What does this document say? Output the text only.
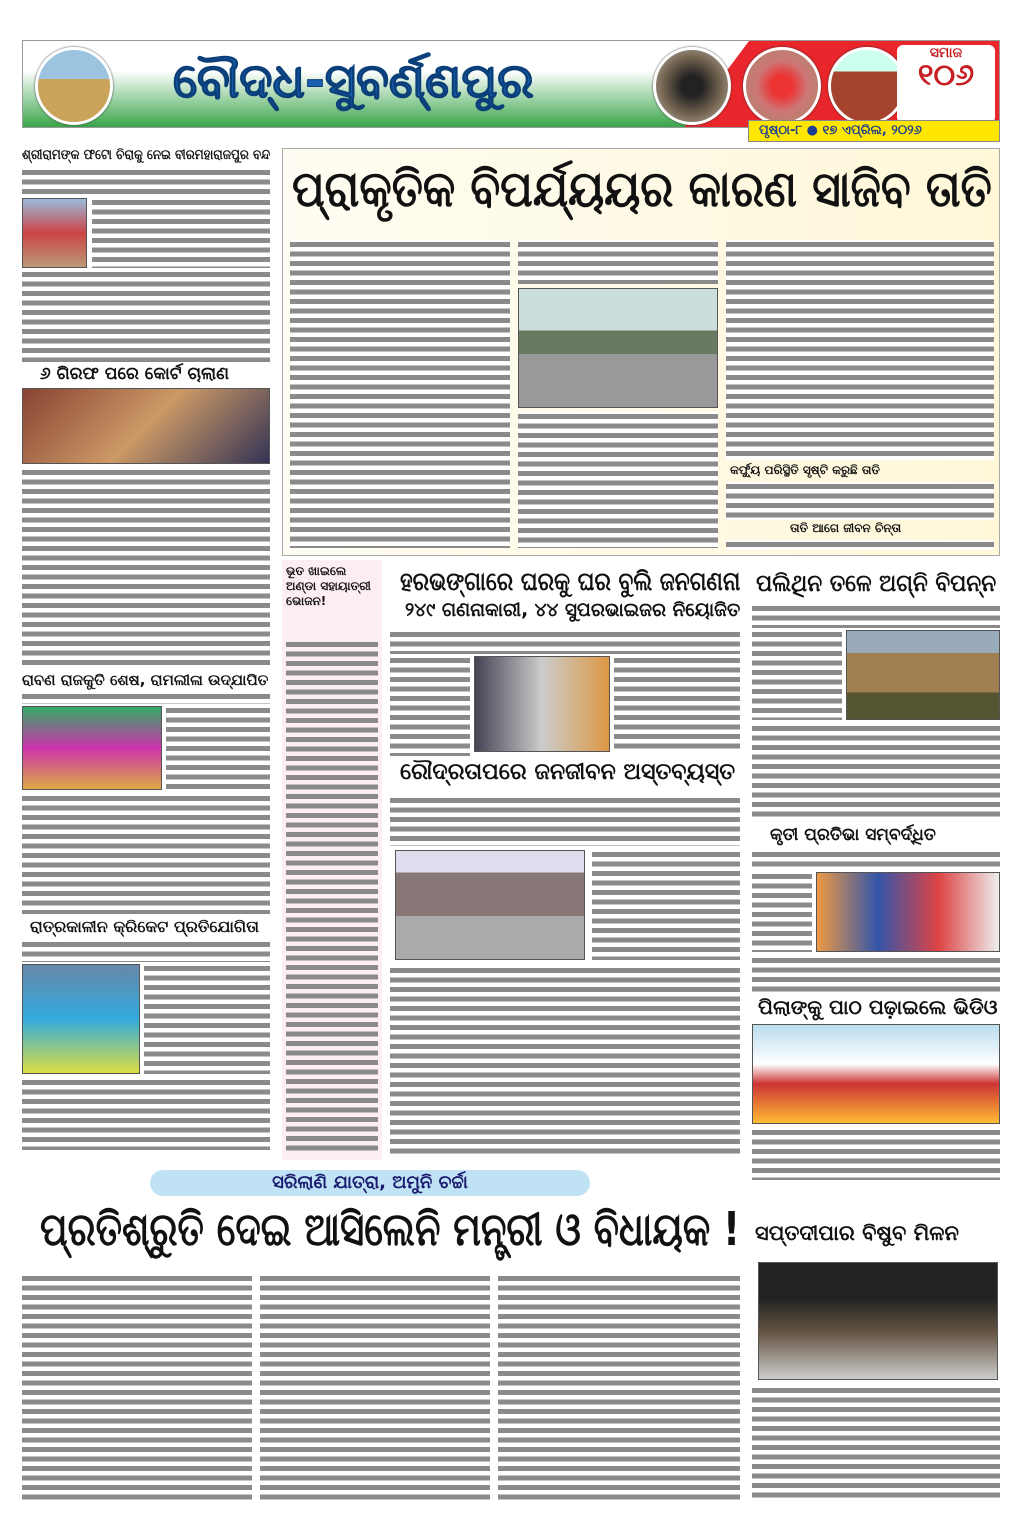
ବୌଦ୍ଧ-ସୁବର୍ଣ୍ଣପୁର	ସମାଜ
୧୦୬
ପୃଷ୍ଠା-୮ ● ୧୭ ଏପ୍ରିଲ, ୨୦୨୬
ଶ୍ରୀରାମଙ୍କ ଫଟୋ ଚିରାକୁ ନେଇ ବୀରମହାରାଜପୁର ବନ୍ଦ
୬ ଗିରଫ ପରେ କୋର୍ଟ ଚାଲାଣ
ରାବଣ ରାଜକୁତି ଶେଷ, ରାମଲୀଳା ଉଦ୍‌ଯାପିତ
ରାତ୍ରକାଳୀନ କ୍ରିକେଟ ପ୍ରତିଯୋଗିତା
ପ୍ରାକୃତିକ ବିପର୍ଯ୍ୟୟର କାରଣ ସାଜିବ ତାତି
କର୍ଫ୍ୟୁ ପରିସ୍ଥିତି ସୃଷ୍ଟି କରୁଛି ତାତି
ତାତି ଆଗେ ଜୀବନ ଚିନ୍ତା
ଭୂତ ଖାଇଲେ ଅଣ୍ଡା ସହାୟାତ୍ରୀ ଭୋଜନ!
ହରଭଙ୍ଗାରେ ଘରକୁ ଘର ବୁଲି ଜନଗଣନା
୨୪୯ ଗଣନାକାରୀ, ୪୪ ସୁପରଭାଇଜର ନିୟୋଜିତ
ରୌଦ୍ରତାପରେ ଜନଜୀବନ ଅସ୍ତବ୍ୟସ୍ତ
ପଲିଥିନ ତଳେ ଅଗ୍ନି ବିପନ୍ନ
କୃତୀ ପ୍ରତିଭା ସମ୍ବର୍ଦ୍ଧିତ
ପିଲାଙ୍କୁ ପାଠ ପଢ଼ାଇଲେ ଭିଡିଓ
ସରିଲାଣି ଯାତ୍ରା, ଅମୁନି ଚର୍ଚ୍ଚା
ପ୍ରତିଶ୍ରୁତି ଦେଇ ଆସିଲେନି ମନ୍ତ୍ରୀ ଓ ବିଧାୟକ ! ସପ୍ତଦୀପାର ବିଷୁବ ମିଳନ
